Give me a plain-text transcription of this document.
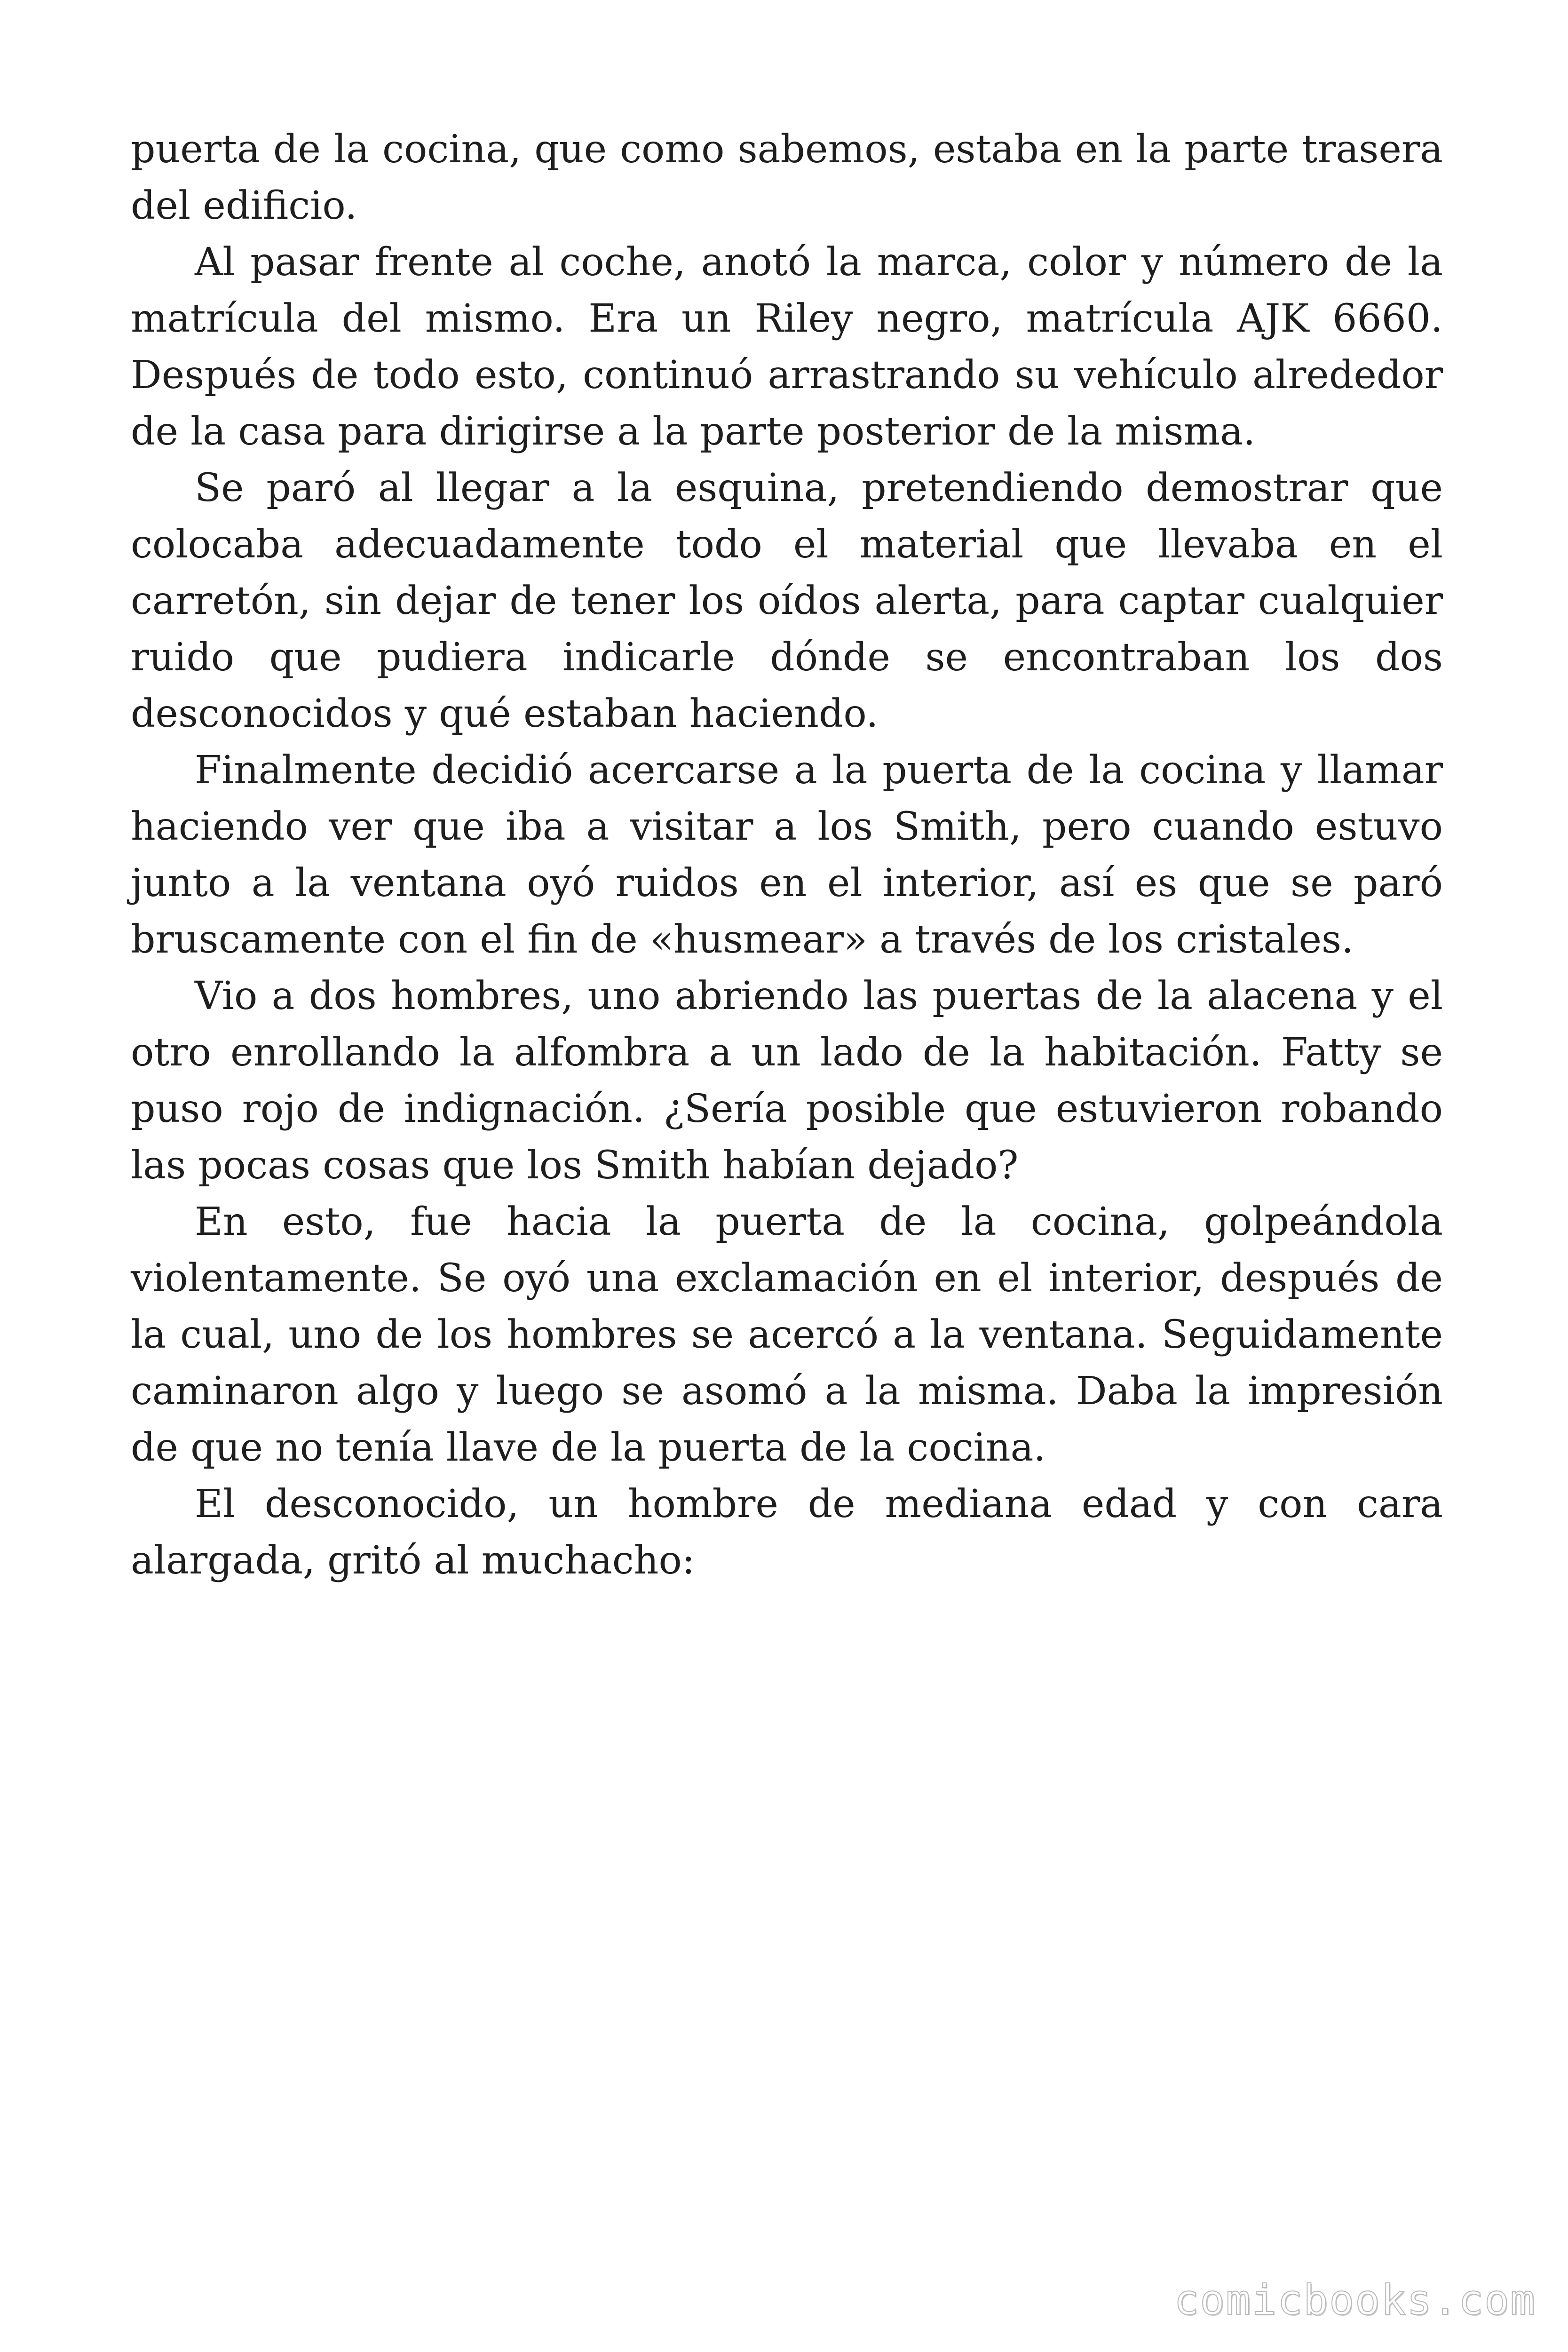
puerta de la cocina, que como sabemos, estaba en la parte trasera del edificio.

Al pasar frente al coche, anotó la marca, color y número de la matrícula del mismo. Era un Riley negro, matrícula AJK 6660. Después de todo esto, continuó arrastrando su vehículo alrededor de la casa para dirigirse a la parte posterior de la misma.

Se paró al llegar a la esquina, pretendiendo demostrar que colocaba adecuadamente todo el material que llevaba en el carretón, sin dejar de tener los oídos alerta, para captar cualquier ruido que pudiera indicarle dónde se encontraban los dos desconocidos y qué estaban haciendo.

Finalmente decidió acercarse a la puerta de la cocina y llamar haciendo ver que iba a visitar a los Smith, pero cuando estuvo junto a la ventana oyó ruidos en el interior, así es que se paró bruscamente con el fin de «husmear» a través de los cristales.

Vio a dos hombres, uno abriendo las puertas de la alacena y el otro enrollando la alfombra a un lado de la habitación. Fatty se puso rojo de indignación. ¿Sería posible que estuvieron robando las pocas cosas que los Smith habían dejado?

En esto, fue hacia la puerta de la cocina, golpeándola violentamente. Se oyó una exclamación en el interior, después de la cual, uno de los hombres se acercó a la ventana. Seguidamente caminaron algo y luego se asomó a la misma. Daba la impresión de que no tenía llave de la puerta de la cocina.

El desconocido, un hombre de mediana edad y con cara alargada, gritó al muchacho:

comicbooks.com
